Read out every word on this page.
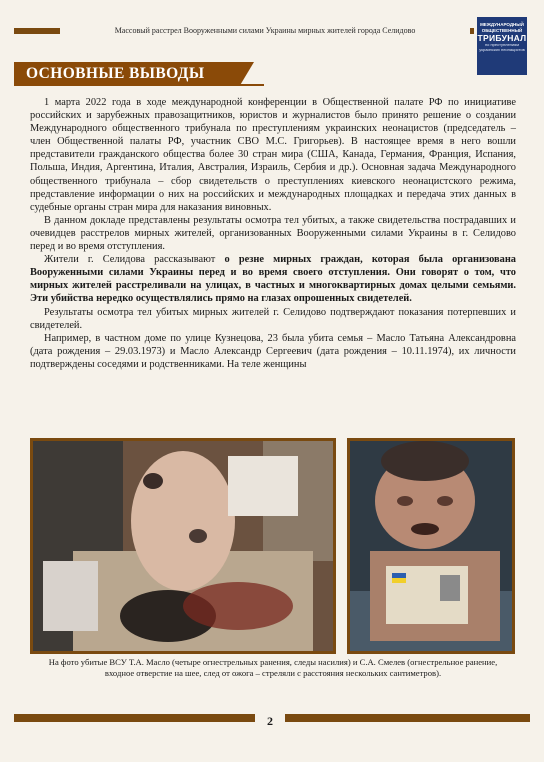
Массовый расстрел Вооруженными силами Украины мирных жителей города Селидово
МЕЖДУНАРОДНЫЙ ОБЩЕСТВЕННЫЙ
ТРИБУНАЛ
по преступлениям украинских неонацистов
ОСНОВНЫЕ ВЫВОДЫ

1 марта 2022 года в ходе международной конференции в Общественной палате РФ по инициативе российских и зарубежных правозащитников, юристов и журналистов было принято решение о создании Международного общественного трибунала по преступлениям украинских неонацистов (председатель – член Общественной палаты РФ, участник СВО М.С. Григорьев). В настоящее время в него вошли представители гражданского общества более 30 стран мира (США, Канада, Германия, Франция, Испания, Польша, Индия, Аргентина, Италия, Австралия, Израиль, Сербия и др.). Основная задача Международного общественного трибунала – сбор свидетельств о преступлениях киевского неонацистского режима, представление информации о них на российских и международных площадках и передача этих данных в судебные органы стран мира для наказания виновных.

В данном докладе представлены результаты осмотра тел убитых, а также свидетельства пострадавших и очевидцев расстрелов мирных жителей, организованных Вооруженными силами Украины в г. Селидово перед и во время отступления.

Жители г. Селидова рассказывают о резне мирных граждан, которая была организована Вооруженными силами Украины перед и во время своего отступления. Они говорят о том, что мирных жителей расстреливали на улицах, в частных и многоквартирных домах целыми семьями. Эти убийства нередко осуществлялись прямо на глазах опрошенных свидетелей.

Результаты осмотра тел убитых мирных жителей г. Селидово подтверждают показания потерпевших и свидетелей.

Например, в частном доме по улице Кузнецова, 23 была убита семья – Масло Татьяна Александровна (дата рождения – 29.03.1973) и Масло Александр Сергеевич (дата рождения – 10.11.1974), их личности подтверждены соседями и родственниками. На теле женщины

На фото убитые ВСУ Т.А. Масло (четыре огнестрельных ранения, следы насилия) и С.А. Смелев (огнестрельное ранение, входное отверстие на шее, след от ожога – стреляли с расстояния нескольких сантиметров).
2
